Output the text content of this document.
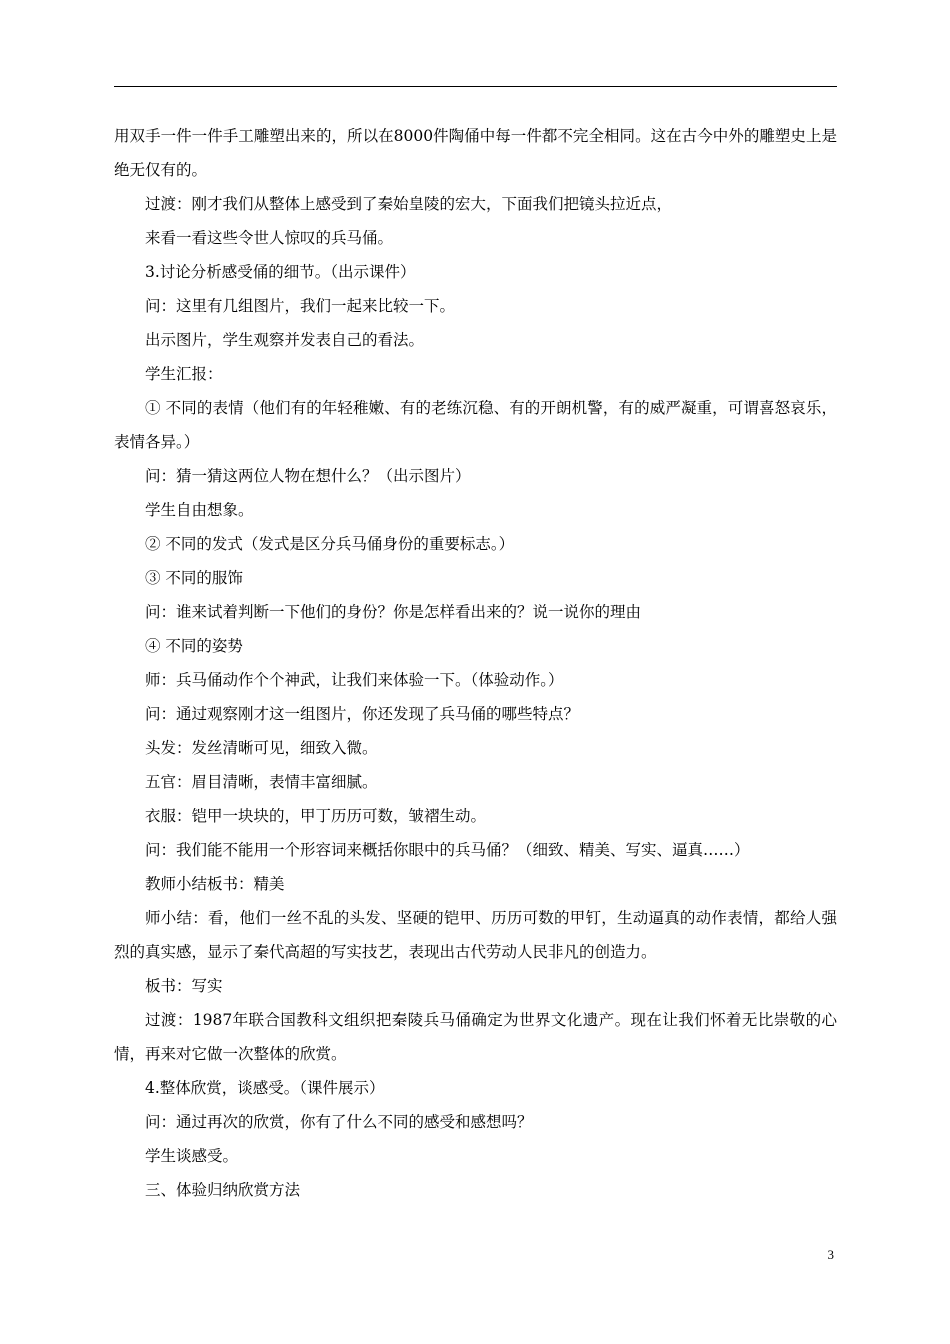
用双手一件一件手工雕塑出来的，所以在8000件陶俑中每一件都不完全相同。这在古今中外的雕塑史上是绝无仅有的。

过渡：刚才我们从整体上感受到了秦始皇陵的宏大，下面我们把镜头拉近点，

来看一看这些令世人惊叹的兵马俑。

3.讨论分析感受俑的细节。（出示课件）

问：这里有几组图片，我们一起来比较一下。

出示图片，学生观察并发表自己的看法。

学生汇报：

① 不同的表情（他们有的年轻稚嫩、有的老练沉稳、有的开朗机警，有的威严凝重，可谓喜怒哀乐，表情各异。）

问：猜一猜这两位人物在想什么？（出示图片）

学生自由想象。

② 不同的发式（发式是区分兵马俑身份的重要标志。）

③ 不同的服饰

问：谁来试着判断一下他们的身份？你是怎样看出来的？说一说你的理由

④ 不同的姿势

师：兵马俑动作个个神武，让我们来体验一下。（体验动作。）

问：通过观察刚才这一组图片，你还发现了兵马俑的哪些特点？

头发：发丝清晰可见，细致入微。

五官：眉目清晰，表情丰富细腻。

衣服：铠甲一块块的，甲丁历历可数，皱褶生动。

问：我们能不能用一个形容词来概括你眼中的兵马俑？（细致、精美、写实、逼真……）

教师小结板书：精美

师小结：看，他们一丝不乱的头发、坚硬的铠甲、历历可数的甲钉，生动逼真的动作表情，都给人强烈的真实感，显示了秦代高超的写实技艺，表现出古代劳动人民非凡的创造力。

板书：写实

过渡：1987年联合国教科文组织把秦陵兵马俑确定为世界文化遗产。现在让我们怀着无比崇敬的心情，再来对它做一次整体的欣赏。

4.整体欣赏，谈感受。（课件展示）

问：通过再次的欣赏，你有了什么不同的感受和感想吗？

学生谈感受。

三、体验归纳欣赏方法

3
